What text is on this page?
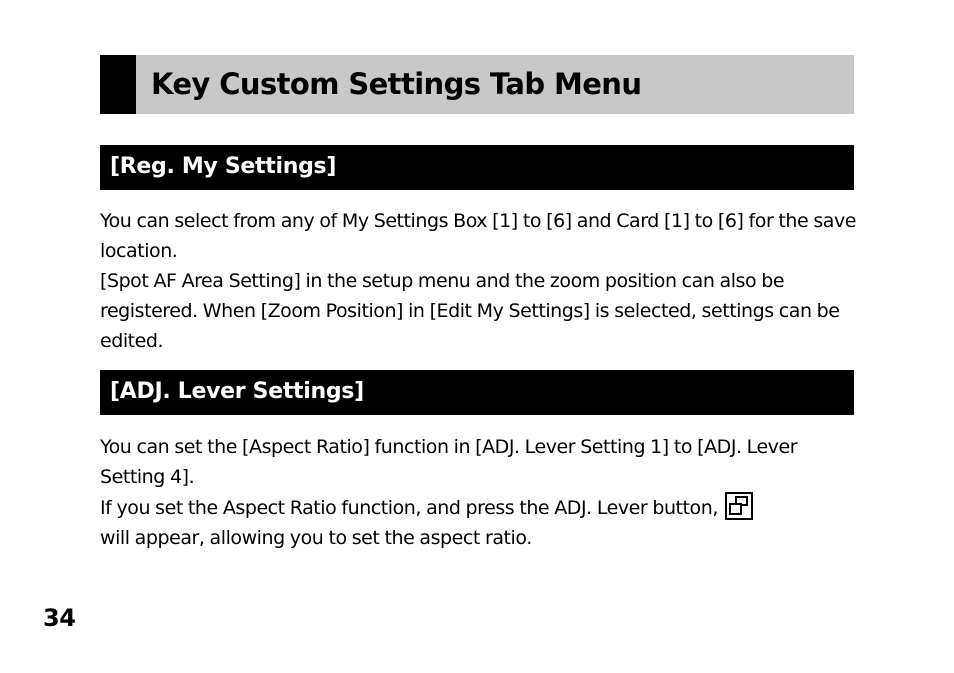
Key Custom Settings Tab Menu
[Reg. My Settings]

You can select from any of My Settings Box [1] to [6] and Card [1] to [6] for the save location.

[Spot AF Area Setting] in the setup menu and the zoom position can also be registered. When [Zoom Position] in [Edit My Settings] is selected, settings can be edited.

[ADJ. Lever Settings]

You can set the [Aspect Ratio] function in [ADJ. Lever Setting 1] to [ADJ. Lever Setting 4].

If you set the Aspect Ratio function, and press the ADJ. Lever button,

will appear, allowing you to set the aspect ratio.

34
